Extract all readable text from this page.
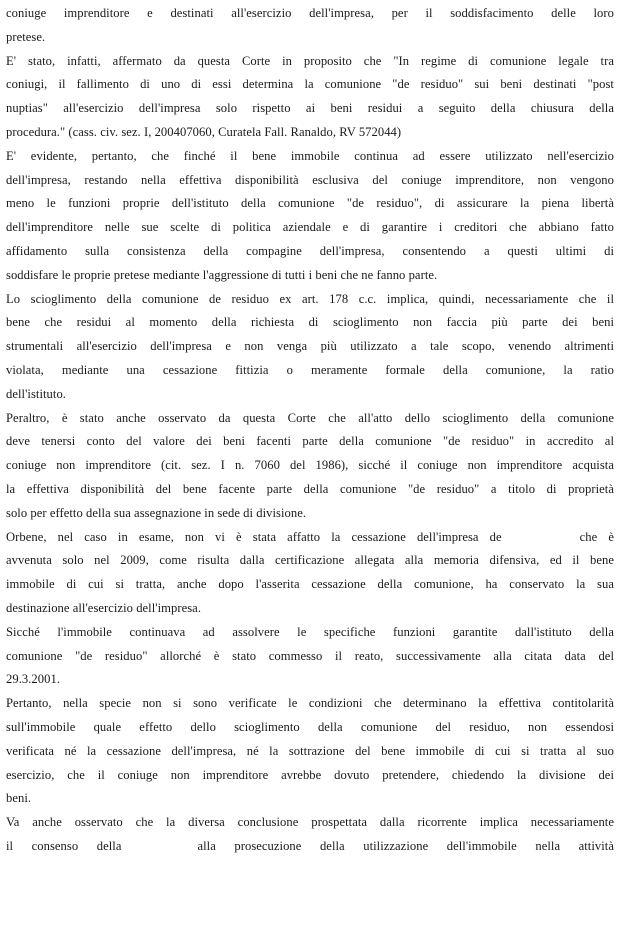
coniuge imprenditore e destinati all'esercizio dell'impresa, per il soddisfacimento delle loro
pretese.

E' stato, infatti, affermato da questa Corte in proposito che "In regime di comunione legale tra
coniugi, il fallimento di uno di essi determina la comunione "de residuo" sui beni destinati "post
nuptias" all'esercizio dell'impresa solo rispetto ai beni residui a seguito della chiusura della
procedura." (cass. civ. sez. I, 200407060, Curatela Fall. Ranaldo, RV 572044)

E' evidente, pertanto, che finché il bene immobile continua ad essere utilizzato nell'esercizio
dell'impresa, restando nella effettiva disponibilità esclusiva del coniuge imprenditore, non vengono
meno le funzioni proprie dell'istituto della comunione "de residuo", di assicurare la piena libertà
dell'imprenditore nelle sue scelte di politica aziendale e di garantire i creditori che abbiano fatto
affidamento sulla consistenza della compagine dell'impresa, consentendo a questi ultimi di
soddisfare le proprie pretese mediante l'aggressione di tutti i beni che ne fanno parte.

Lo scioglimento della comunione de residuo ex art. 178 c.c. implica, quindi, necessariamente che il
bene che residui al momento della richiesta di scioglimento non faccia più parte dei beni
strumentali all'esercizio dell'impresa e non venga più utilizzato a tale scopo, venendo altrimenti
violata, mediante una cessazione fittizia o meramente formale della comunione, la ratio
dell'istituto.

Peraltro, è stato anche osservato da questa Corte che all'atto dello scioglimento della comunione
deve tenersi conto del valore dei beni facenti parte della comunione "de residuo" in accredito al
coniuge non imprenditore (cit. sez. I n. 7060 del 1986), sicché il coniuge non imprenditore acquista
la effettiva disponibilità del bene facente parte della comunione "de residuo" a titolo di proprietà
solo per effetto della sua assegnazione in sede di divisione.

Orbene, nel caso in esame, non vi è stata affatto la cessazione dell'impresa de	che è
avvenuta solo nel 2009, come risulta dalla certificazione allegata alla memoria difensiva, ed il bene
immobile di cui si tratta, anche dopo l'asserita cessazione della comunione, ha conservato la sua
destinazione all'esercizio dell'impresa.

Sicché l'immobile continuava ad assolvere le specifiche funzioni garantite dall'istituto della
comunione "de residuo" allorché è stato commesso il reato, successivamente alla citata data del
29.3.2001.

Pertanto, nella specie non si sono verificate le condizioni che determinano la effettiva contitolarità
sull'immobile quale effetto dello scioglimento della comunione del residuo, non essendosi
verificata né la cessazione dell'impresa, né la sottrazione del bene immobile di cui si tratta al suo
esercizio, che il coniuge non imprenditore avrebbe dovuto pretendere, chiedendo la divisione dei
beni.

Va anche osservato che la diversa conclusione prospettata dalla ricorrente implica necessariamente
il consenso della	alla prosecuzione della utilizzazione dell'immobile nella attività
